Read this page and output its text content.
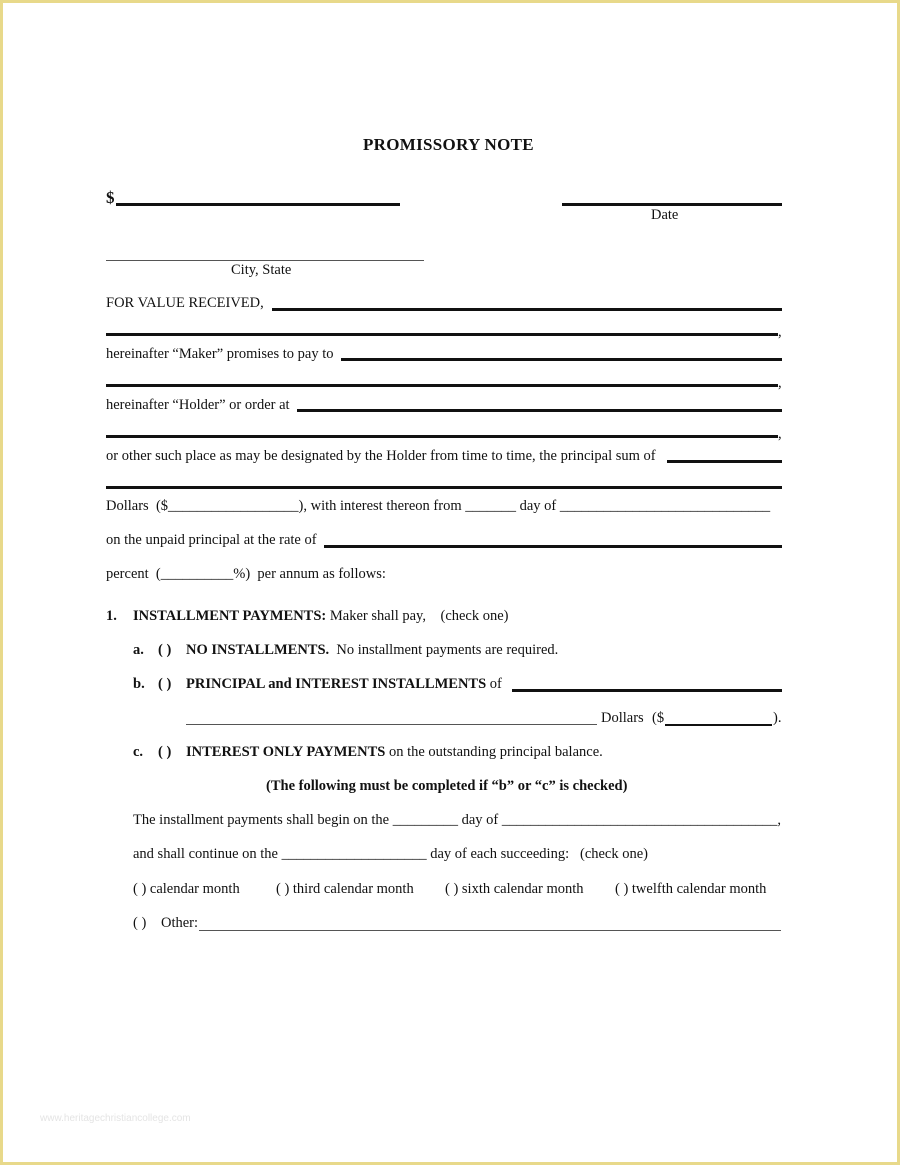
PROMISSORY NOTE
$
Date
City, State
FOR VALUE RECEIVED,
,
hereinafter “Maker” promises to pay to
,
hereinafter “Holder” or order at
,
or other such place as may be designated by the Holder from time to time, the principal sum of
Dollars ($__________________), with interest thereon from _______ day of _____________________________
on the unpaid principal at the rate of
percent (__________%) per annum as follows:
1. INSTALLMENT PAYMENTS: Maker shall pay, (check one)
a. ( ) NO INSTALLMENTS. No installment payments are required.
b. ( ) PRINCIPAL and INTEREST INSTALLMENTS of
Dollars ($	).
c. ( ) INTEREST ONLY PAYMENTS on the outstanding principal balance.
(The following must be completed if “b” or “c” is checked)
The installment payments shall begin on the _________ day of ______________________________________,
and shall continue on the ____________________ day of each succeeding: (check one)
( ) calendar month	( ) third calendar month ( ) sixth calendar month ( ) twelfth calendar month
( ) Other:
www.heritagechristiancollege.com
